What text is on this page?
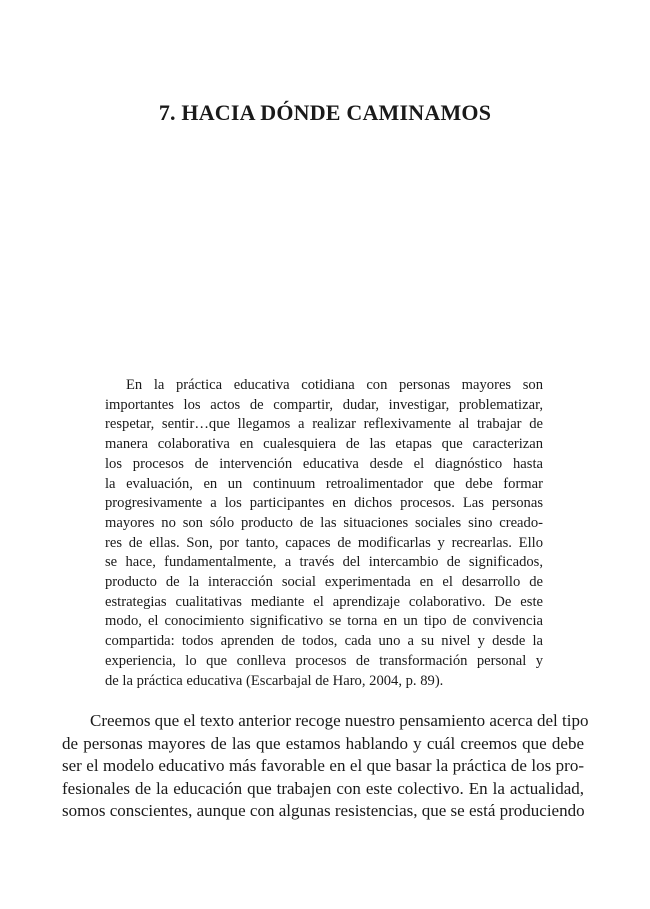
7. HACIA DÓNDE CAMINAMOS
En la práctica educativa cotidiana con personas mayores son
importantes los actos de compartir, dudar, investigar, problematizar,
respetar, sentir…que llegamos a realizar reflexivamente al trabajar de
manera colaborativa en cualesquiera de las etapas que caracterizan
los procesos de intervención educativa desde el diagnóstico hasta
la evaluación, en un continuum retroalimentador que debe formar
progresivamente a los participantes en dichos procesos. Las personas
mayores no son sólo producto de las situaciones sociales sino creado-
res de ellas. Son, por tanto, capaces de modificarlas y recrearlas. Ello
se hace, fundamentalmente, a través del intercambio de significados,
producto de la interacción social experimentada en el desarrollo de
estrategias cualitativas mediante el aprendizaje colaborativo. De este
modo, el conocimiento significativo se torna en un tipo de convivencia
compartida: todos aprenden de todos, cada uno a su nivel y desde la
experiencia, lo que conlleva procesos de transformación personal y
de la práctica educativa (Escarbajal de Haro, 2004, p. 89).
Creemos que el texto anterior recoge nuestro pensamiento acerca del tipo
de personas mayores de las que estamos hablando y cuál creemos que debe
ser el modelo educativo más favorable en el que basar la práctica de los pro-
fesionales de la educación que trabajen con este colectivo. En la actualidad,
somos conscientes, aunque con algunas resistencias, que se está produciendo
